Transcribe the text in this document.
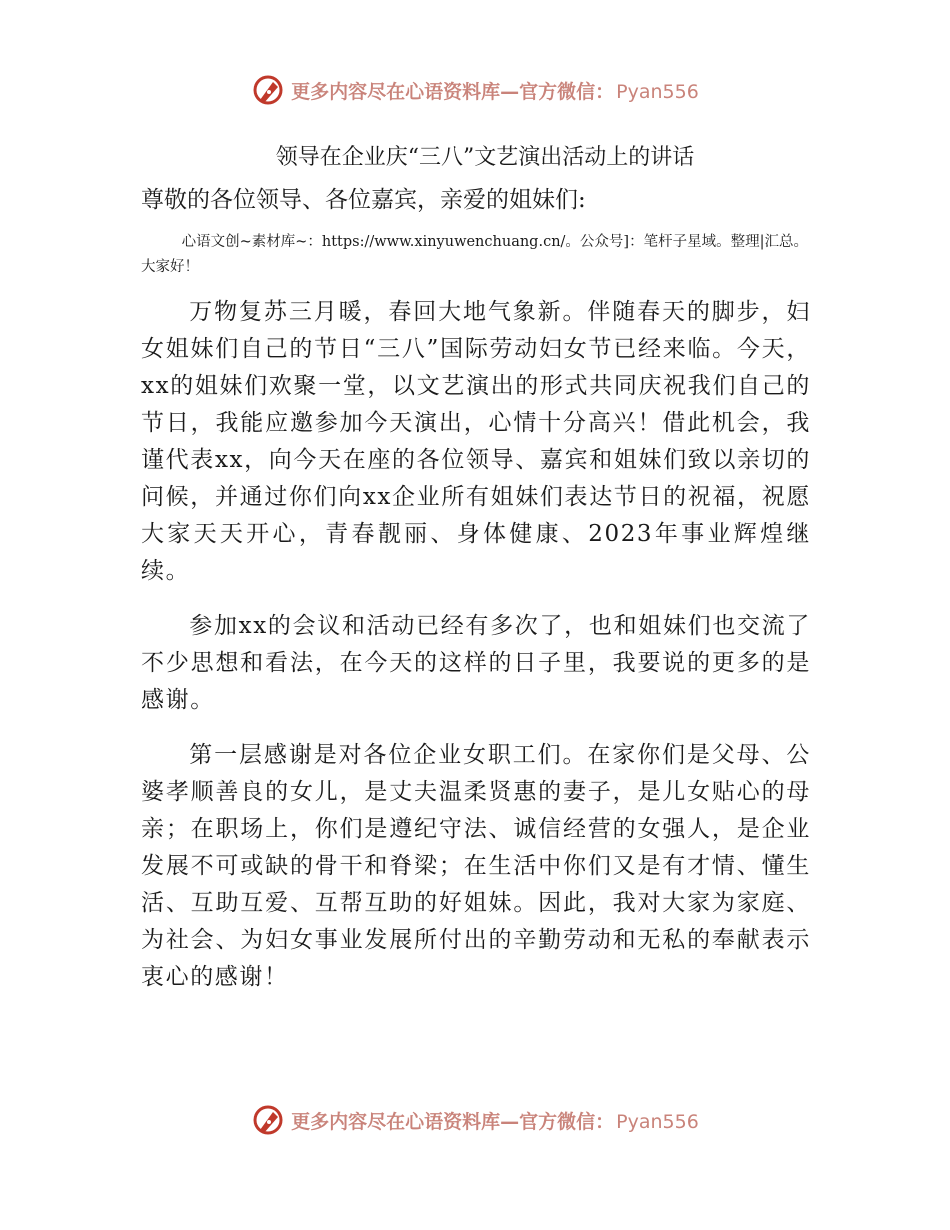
更多内容尽在心语资料库—官方微信： Pyan556
领导在企业庆“三八”文艺演出活动上的讲话
尊敬的各位领导、各位嘉宾，亲爱的姐妹们:
心语文创~素材库~：https://www.xinyuwenchuang.cn/。公众号]：笔杆子星域。整理|汇总。大家好！

万物复苏三月暖，春回大地气象新。伴随春天的脚步，妇女姐妹们自己的节日“三八”国际劳动妇女节已经来临。今天，xx的姐妹们欢聚一堂，以文艺演出的形式共同庆祝我们自己的节日，我能应邀参加今天演出，心情十分高兴！借此机会，我谨代表xx，向今天在座的各位领导、嘉宾和姐妹们致以亲切的问候，并通过你们向xx企业所有姐妹们表达节日的祝福，祝愿大家天天开心，青春靓丽、身体健康、2023年事业辉煌继续。

参加xx的会议和活动已经有多次了，也和姐妹们也交流了不少思想和看法，在今天的这样的日子里，我要说的更多的是感谢。

第一层感谢是对各位企业女职工们。在家你们是父母、公婆孝顺善良的女儿，是丈夫温柔贤惠的妻子，是儿女贴心的母亲；在职场上，你们是遵纪守法、诚信经营的女强人，是企业发展不可或缺的骨干和脊梁；在生活中你们又是有才情、懂生活、互助互爱、互帮互助的好姐妹。因此，我对大家为家庭、为社会、为妇女事业发展所付出的辛勤劳动和无私的奉献表示衷心的感谢！

更多内容尽在心语资料库—官方微信： Pyan556
